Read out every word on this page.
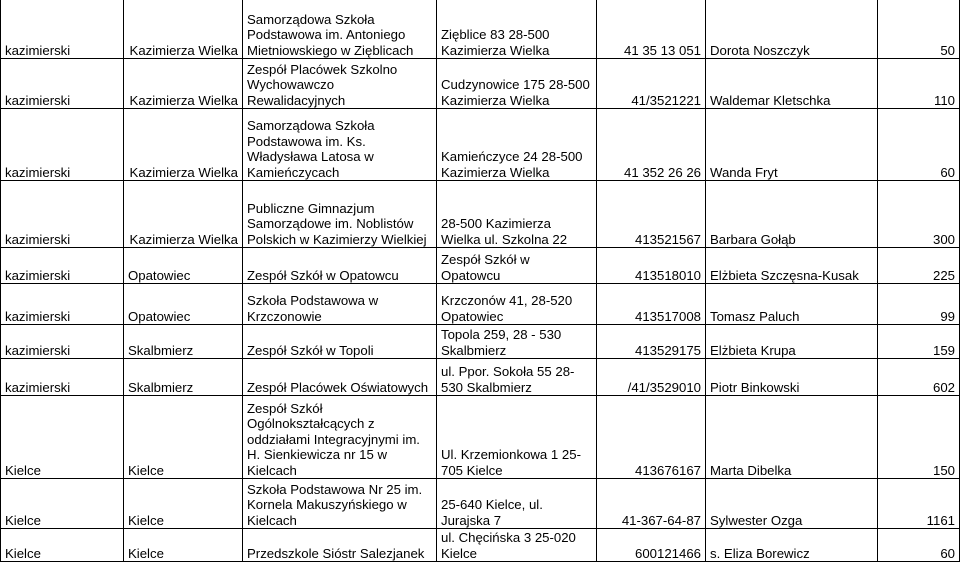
kazimierski	Kazimierza Wielka	Samorządowa Szkoła Podstawowa im. Antoniego Mietniowskiego w Zięblicach	Zięblice 83 28-500 Kazimierza Wielka	41 35 13 051	Dorota Noszczyk	50
kazimierski	Kazimierza Wielka	Zespół Placówek Szkolno Wychowawczo Rewalidacyjnych	Cudzynowice 175 28-500 Kazimierza Wielka	41/3521221	Waldemar Kletschka	110
kazimierski	Kazimierza Wielka	Samorządowa Szkoła Podstawowa im. Ks. Władysława Latosa w Kamieńczycach	Kamieńczyce 24 28-500 Kazimierza Wielka	41 352 26 26	Wanda Fryt	60
kazimierski	Kazimierza Wielka	Publiczne Gimnazjum Samorządowe im. Noblistów Polskich w Kazimierzy Wielkiej	28-500 Kazimierza Wielka ul. Szkolna 22	413521567	Barbara Gołąb	300
kazimierski	Opatowiec	Zespół Szkół w Opatowcu	Zespół Szkół w Opatowcu	413518010	Elżbieta Szczęsna-Kusak	225
kazimierski	Opatowiec	Szkoła Podstawowa w Krzczonowie	Krzczonów 41, 28-520 Opatowiec	413517008	Tomasz Paluch	99
kazimierski	Skalbmierz	Zespół Szkół w Topoli	Topola 259, 28 - 530 Skalbmierz	413529175	Elżbieta Krupa	159
kazimierski	Skalbmierz	Zespół Placówek Oświatowych	ul. Ppor. Sokoła 55 28-530 Skalbmierz	/41/3529010	Piotr Binkowski	602
Kielce	Kielce	Zespół Szkół Ogólnokształcących z oddziałami Integracyjnymi im. H. Sienkiewicza nr 15 w Kielcach	Ul. Krzemionkowa 1 25-705 Kielce	413676167	Marta Dibelka	150
Kielce	Kielce	Szkoła Podstawowa Nr 25 im. Kornela Makuszyńskiego w Kielcach	25-640 Kielce, ul. Jurajska 7	41-367-64-87	Sylwester Ozga	1161
Kielce	Kielce	Przedszkole Sióstr Salezjanek	ul. Chęcińska 3 25-020 Kielce	600121466	s. Eliza Borewicz	60
